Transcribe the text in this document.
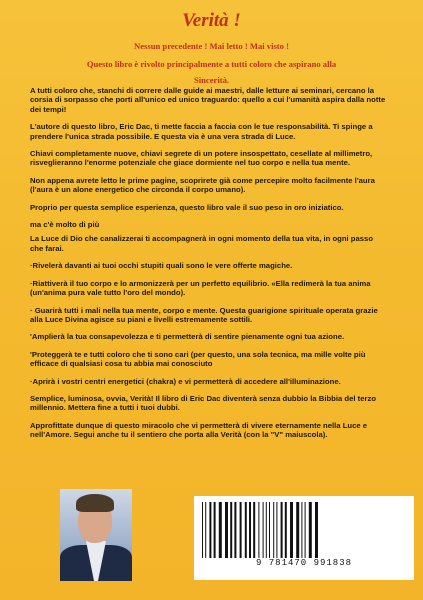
Verità !
Nessun precedente ! Mai letto ! Mai visto !
Questo libro è rivolto principalmente a tutti coloro che aspirano alla
Sincerità.

A tutti coloro che, stanchi di correre dalle guide ai maestri, dalle letture ai seminari, cercano la corsia di sorpasso che porti all'unico ed unico traguardo: quello a cui l'umanità aspira dalla notte dei tempi!

L'autore di questo libro, Eric Dac, ti mette faccia a faccia con le tue responsabilità. Ti spinge a prendere l'unica strada possibile. E questa via è una vera strada di Luce.

Chiavi completamente nuove, chiavi segrete di un potere insospettato, cesellate al millimetro, risveglieranno l'enorme potenziale che giace dormiente nel tuo corpo e nella tua mente.

Non appena avrete letto le prime pagine, scoprirete già come percepire molto facilmente l'aura (l'aura è un alone energetico che circonda il corpo umano).

Proprio per questa semplice esperienza, questo libro vale il suo peso in oro iniziatico.

ma c'è molto di più

La Luce di Dio che canalizzerai ti accompagnerà in ogni momento della tua vita, in ogni passo che farai.

·Rivelerà davanti ai tuoi occhi stupiti quali sono le vere offerte magiche.

·Riattiverà il tuo corpo e lo armonizzerà per un perfetto equilibrio. «Ella redimerà la tua anima (un'anima pura vale tutto l'oro del mondo).

· Guarirà tutti i mali nella tua mente, corpo e mente. Questa guarigione spirituale operata grazie alla Luce Divina agisce su piani e livelli estremamente sottili.

'Amplierà la tua consapevolezza e ti permetterà di sentire pienamente ogni tua azione.

'Proteggerà te e tutti coloro che ti sono cari (per questo, una sola tecnica, ma mille volte più efficace di qualsiasi cosa tu abbia mai conosciuto

·Aprirà i vostri centri energetici (chakra) e vi permetterà di accedere all'illuminazione.

Semplice, luminosa, ovvia, Verità! Il libro di Eric Dac diventerà senza dubbio la Bibbia del terzo millennio. Mettera fine a tutti i tuoi dubbi.

Approfittate dunque di questo miracolo che vi permetterà di vivere eternamente nella Luce e nell'Amore. Segui anche tu il sentiero che porta alla Verità (con la "V" maiuscola).

9 781470 991838
